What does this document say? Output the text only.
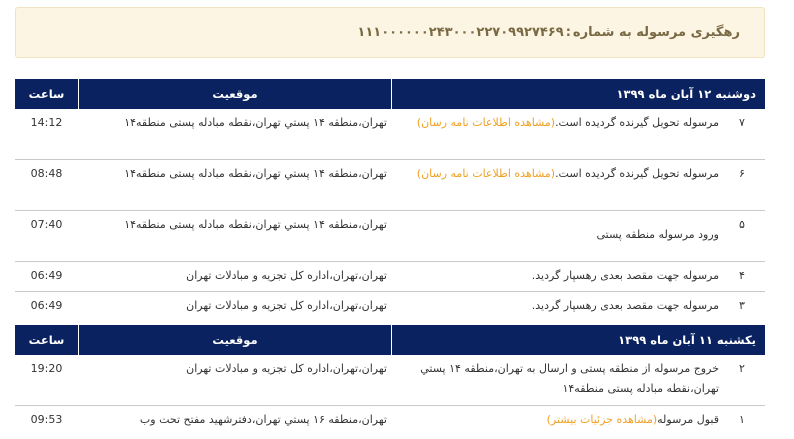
رهگیری مرسوله به شماره
:
۱۱۱۰۰۰۰۰۰۲۴۳۰۰۰۲۲۷۰۹۹۲۷۴۶۹
دوشنبه ۱۲ آبان ماه ۱۳۹۹
موقعیت
ساعت
۷
مرسوله تحویل گیرنده گردیده است.(مشاهده اطلاعات نامه رسان)
تهران،منطقه ۱۴ پستي تهران،نقطه مبادله پستی منطقه۱۴
14:12
۶
مرسوله تحویل گیرنده گردیده است.(مشاهده اطلاعات نامه رسان)
تهران،منطقه ۱۴ پستي تهران،نقطه مبادله پستی منطقه۱۴
08:48
۵
ورود مرسوله منطقه پستی
تهران،منطقه ۱۴ پستي تهران،نقطه مبادله پستی منطقه۱۴
07:40
۴
مرسوله جهت مقصد بعدی رهسپار گردید.
تهران،تهران،اداره کل تجزیه و مبادلات تهران
06:49
۳
مرسوله جهت مقصد بعدی رهسپار گردید.
تهران،تهران،اداره کل تجزیه و مبادلات تهران
06:49
یکشنبه ۱۱ آبان ماه ۱۳۹۹
موقعیت
ساعت
۲
خروج مرسوله از منطقه پستی و ارسال به تهران،منطقه ۱۴ پستي تهران،نقطه مبادله پستی منطقه۱۴
تهران،تهران،اداره کل تجزیه و مبادلات تهران
19:20
۱
قبول مرسوله(مشاهده جزئیات بیشتر)
تهران،منطقه ۱۶ پستي تهران،دفترشهید مفتح تحت وب
09:53
